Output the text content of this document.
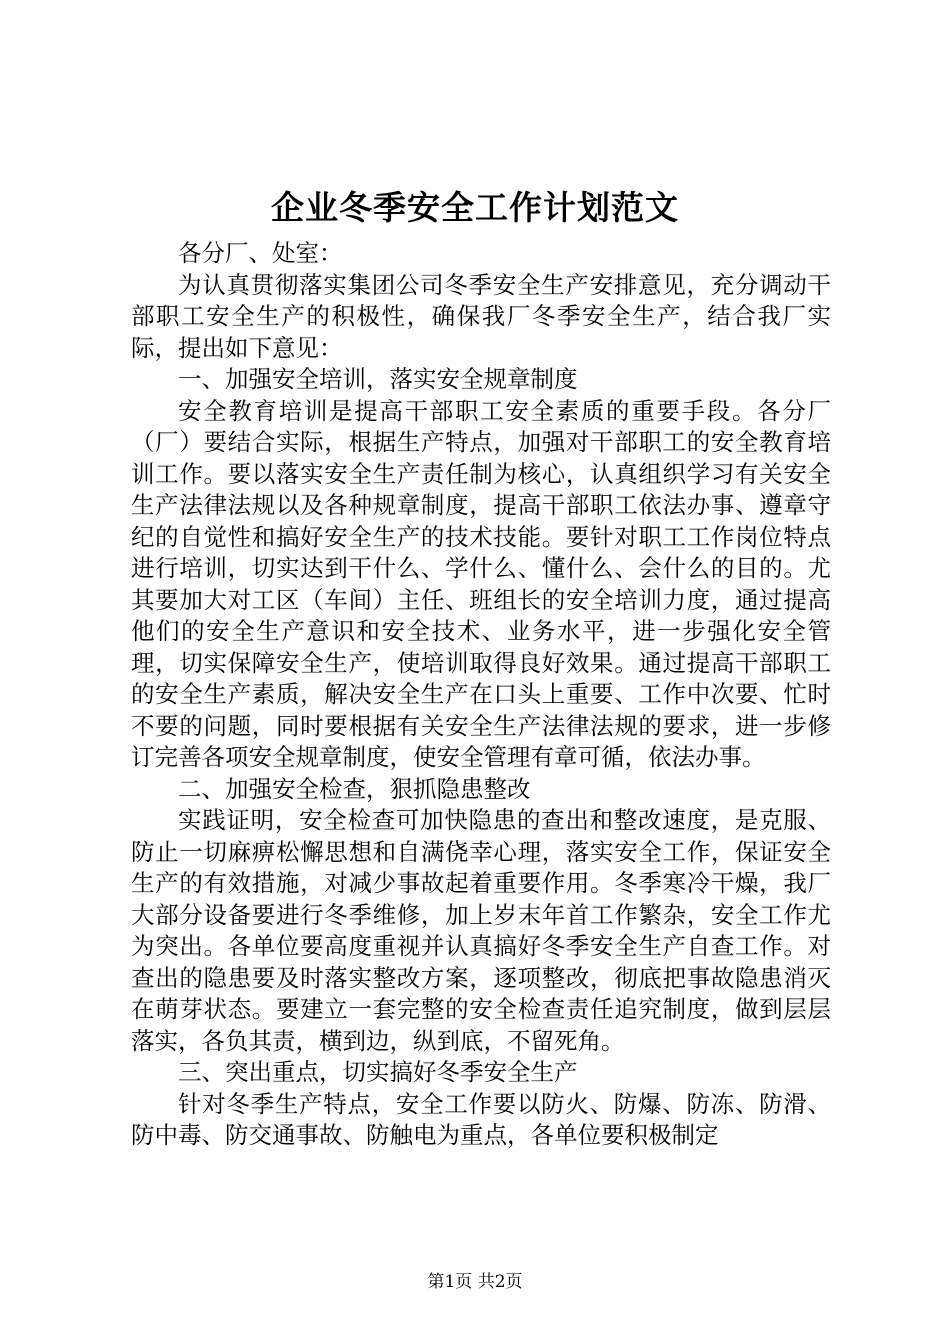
企业冬季安全工作计划范文

各分厂、处室：

为认真贯彻落实集团公司冬季安全生产安排意见，充分调动干部职工安全生产的积极性，确保我厂冬季安全生产，结合我厂实际，提出如下意见：

一、加强安全培训，落实安全规章制度

安全教育培训是提高干部职工安全素质的重要手段。各分厂（厂）要结合实际，根据生产特点，加强对干部职工的安全教育培训工作。要以落实安全生产责任制为核心，认真组织学习有关安全生产法律法规以及各种规章制度，提高干部职工依法办事、遵章守纪的自觉性和搞好安全生产的技术技能。要针对职工工作岗位特点进行培训，切实达到干什么、学什么、懂什么、会什么的目的。尤其要加大对工区（车间）主任、班组长的安全培训力度，通过提高他们的安全生产意识和安全技术、业务水平，进一步强化安全管理，切实保障安全生产，使培训取得良好效果。通过提高干部职工的安全生产素质，解决安全生产在口头上重要、工作中次要、忙时不要的问题，同时要根据有关安全生产法律法规的要求，进一步修订完善各项安全规章制度，使安全管理有章可循，依法办事。

二、加强安全检查，狠抓隐患整改

实践证明，安全检查可加快隐患的查出和整改速度，是克服、防止一切麻痹松懈思想和自满侥幸心理，落实安全工作，保证安全生产的有效措施，对减少事故起着重要作用。冬季寒冷干燥，我厂大部分设备要进行冬季维修，加上岁末年首工作繁杂，安全工作尤为突出。各单位要高度重视并认真搞好冬季安全生产自查工作。对查出的隐患要及时落实整改方案，逐项整改，彻底把事故隐患消灭在萌芽状态。要建立一套完整的安全检查责任追究制度，做到层层落实，各负其责，横到边，纵到底，不留死角。

三、突出重点，切实搞好冬季安全生产

针对冬季生产特点，安全工作要以防火、防爆、防冻、防滑、防中毒、防交通事故、防触电为重点，各单位要积极制定

第1页 共2页
